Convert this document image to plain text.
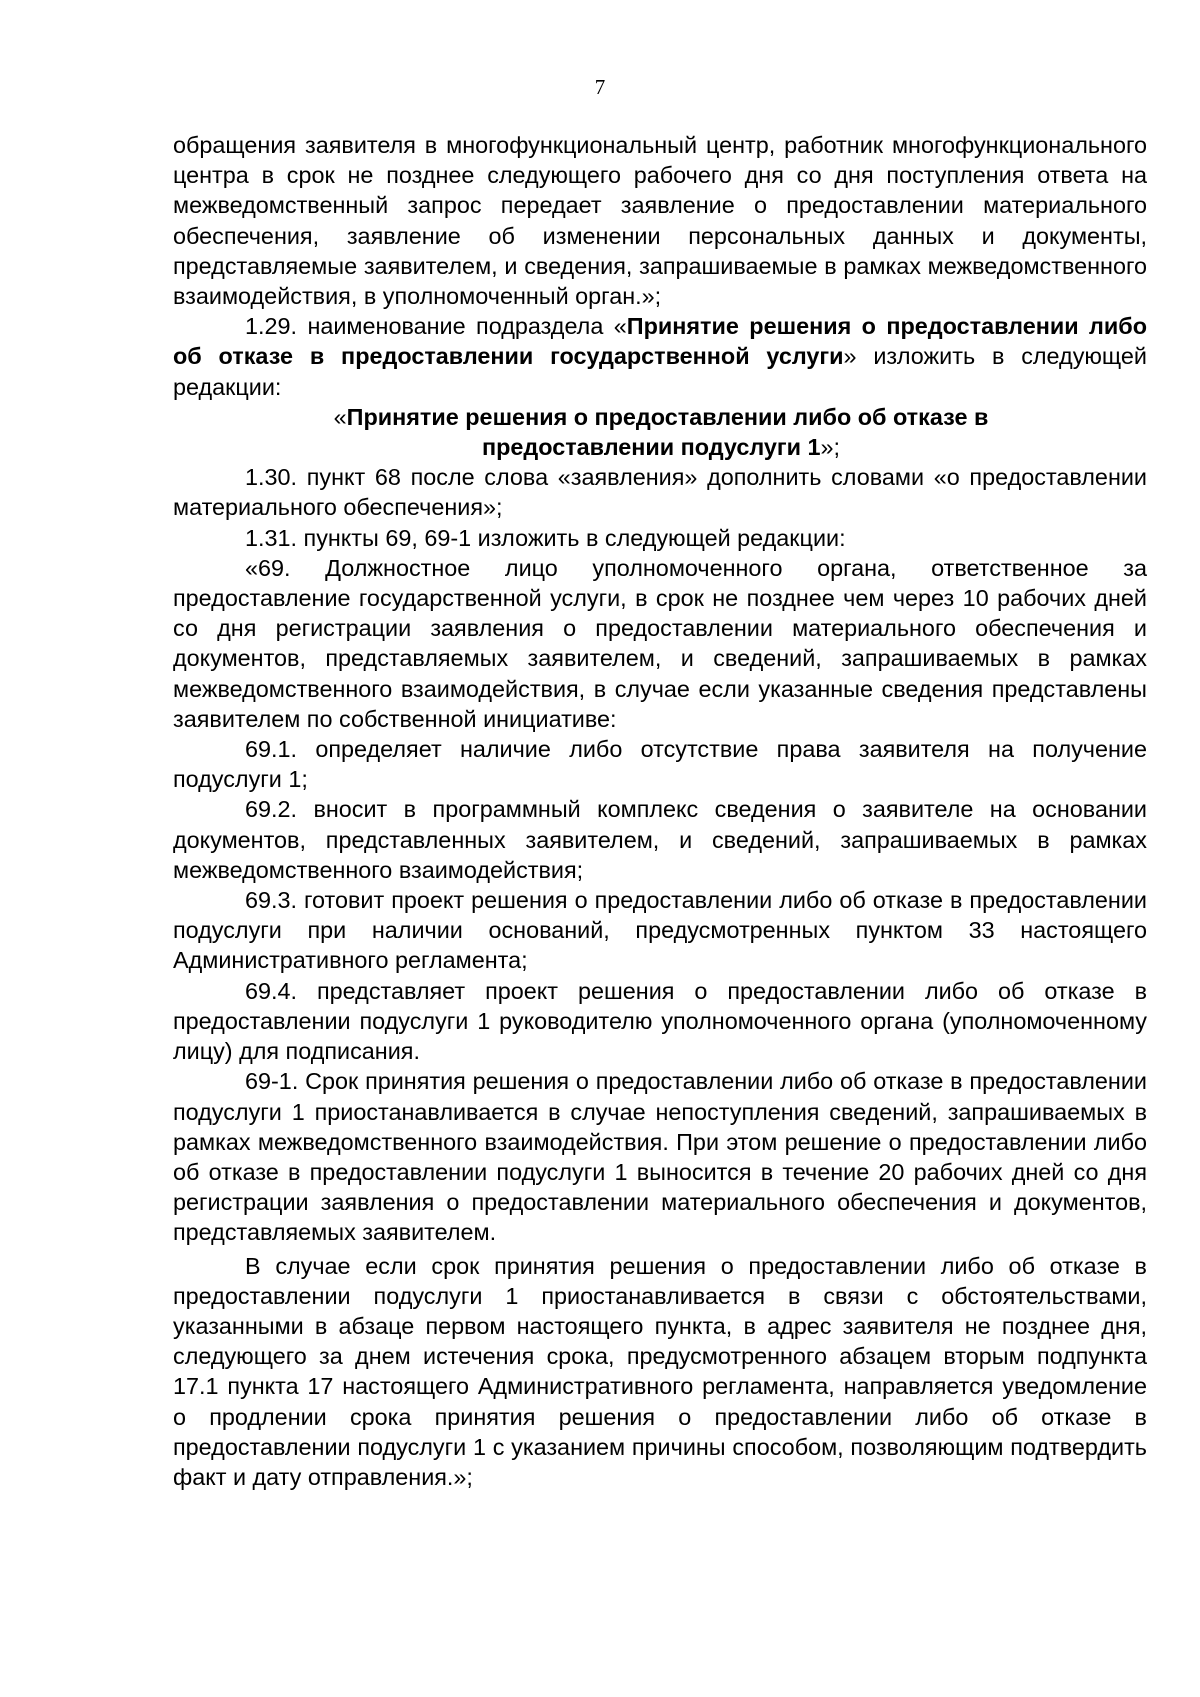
7

обращения заявителя в многофункциональный центр, работник многофункционального центра в срок не позднее следующего рабочего дня со дня поступления ответа на межведомственный запрос передает заявление о предоставлении материального обеспечения, заявление об изменении персональных данных и документы, представляемые заявителем, и сведения, запрашиваемые в рамках межведомственного взаимодействия, в уполномоченный орган.»;

1.29. наименование подраздела «Принятие решения о предоставлении либо об отказе в предоставлении государственной услуги» изложить в следующей редакции:

«Принятие решения о предоставлении либо об отказе в предоставлении подуслуги 1»;

1.30. пункт 68 после слова «заявления» дополнить словами «о предоставлении материального обеспечения»;

1.31. пункты 69, 69-1 изложить в следующей редакции:

«69. Должностное лицо уполномоченного органа, ответственное за предоставление государственной услуги, в срок не позднее чем через 10 рабочих дней со дня регистрации заявления о предоставлении материального обеспечения и документов, представляемых заявителем, и сведений, запрашиваемых в рамках межведомственного взаимодействия, в случае если указанные сведения представлены заявителем по собственной инициативе:

69.1. определяет наличие либо отсутствие права заявителя на получение подуслуги 1;

69.2. вносит в программный комплекс сведения о заявителе на основании документов, представленных заявителем, и сведений, запрашиваемых в рамках межведомственного взаимодействия;

69.3. готовит проект решения о предоставлении либо об отказе в предоставлении подуслуги при наличии оснований, предусмотренных пунктом 33 настоящего Административного регламента;

69.4. представляет проект решения о предоставлении либо об отказе в предоставлении подуслуги 1 руководителю уполномоченного органа (уполномоченному лицу) для подписания.

69-1. Срок принятия решения о предоставлении либо об отказе в предоставлении подуслуги 1 приостанавливается в случае непоступления сведений, запрашиваемых в рамках межведомственного взаимодействия. При этом решение о предоставлении либо об отказе в предоставлении подуслуги 1 выносится в течение 20 рабочих дней со дня регистрации заявления о предоставлении материального обеспечения и документов, представляемых заявителем.

В случае если срок принятия решения о предоставлении либо об отказе в предоставлении подуслуги 1 приостанавливается в связи с обстоятельствами, указанными в абзаце первом настоящего пункта, в адрес заявителя не позднее дня, следующего за днем истечения срока, предусмотренного абзацем вторым подпункта 17.1 пункта 17 настоящего Административного регламента, направляется уведомление о продлении срока принятия решения о предоставлении либо об отказе в предоставлении подуслуги 1 с указанием причины способом, позволяющим подтвердить факт и дату отправления.»;
